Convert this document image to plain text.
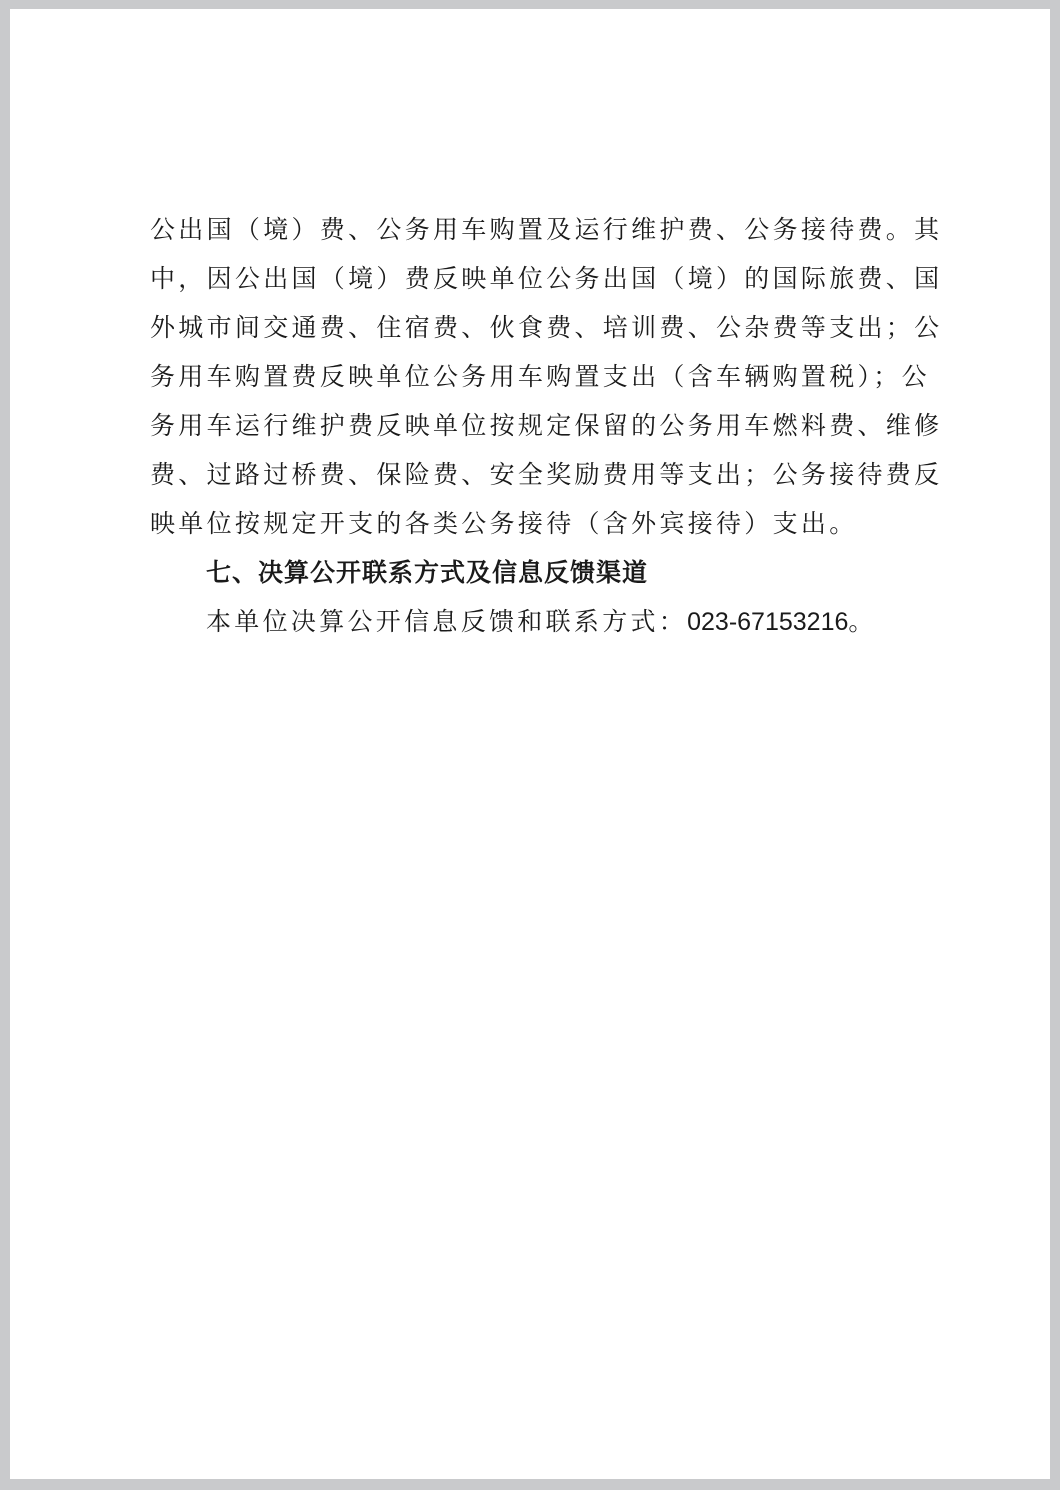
公出国（境）费、公务用车购置及运行维护费、公务接待费。其
中，因公出国（境）费反映单位公务出国（境）的国际旅费、国
外城市间交通费、住宿费、伙食费、培训费、公杂费等支出；公
务用车购置费反映单位公务用车购置支出（含车辆购置税）；公
务用车运行维护费反映单位按规定保留的公务用车燃料费、维修
费、过路过桥费、保险费、安全奖励费用等支出；公务接待费反
映单位按规定开支的各类公务接待（含外宾接待）支出。
七、决算公开联系方式及信息反馈渠道
本单位决算公开信息反馈和联系方式：023-67153216。
